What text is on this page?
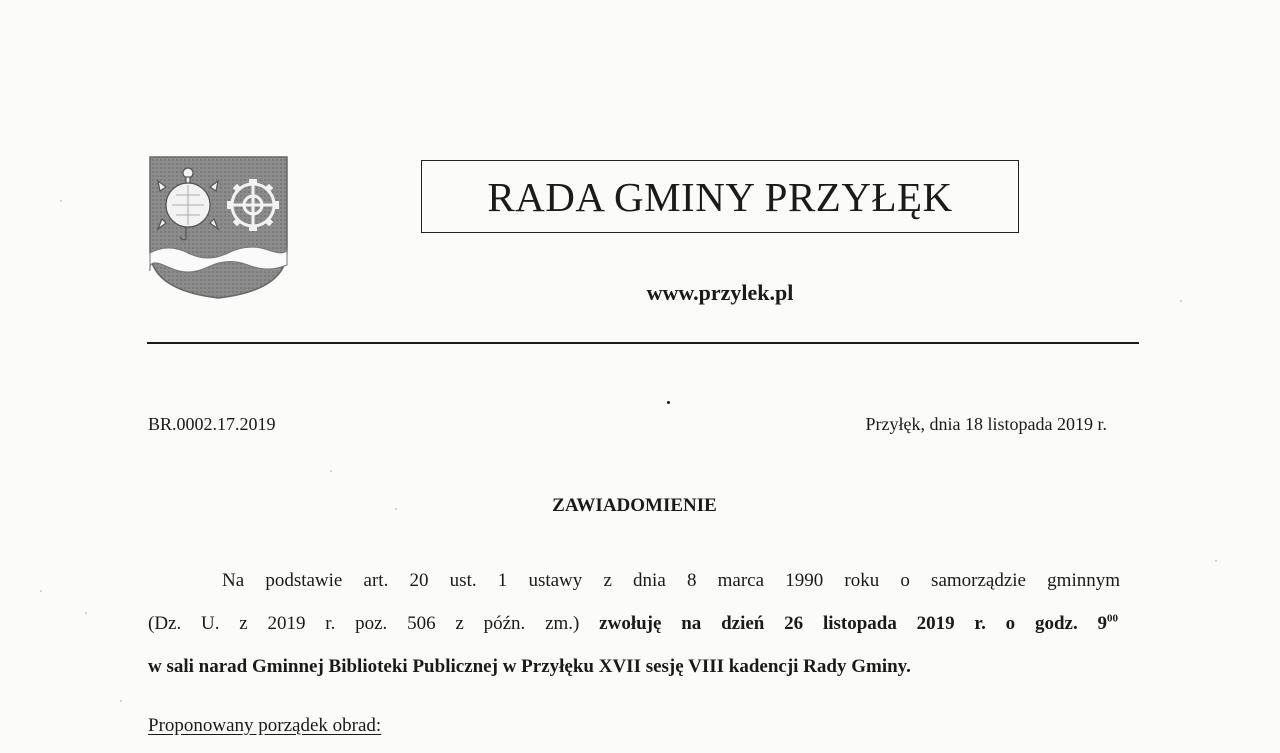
RADA GMINY PRZYŁĘK
www.przylek.pl
BR.0002.17.2019	Przyłęk, dnia 18 listopada 2019 r.
ZAWIADOMIENIE
Na podstawie art. 20 ust. 1 ustawy z dnia 8 marca 1990 roku o samorządzie gminnym
(Dz. U. z 2019 r. poz. 506 z późn. zm.) zwołuję na dzień 26 listopada 2019 r. o godz. $9^{00}$
w sali narad Gminnej Biblioteki Publicznej w Przyłęku XVII sesję VIII kadencji Rady Gminy.
Proponowany porządek obrad:
